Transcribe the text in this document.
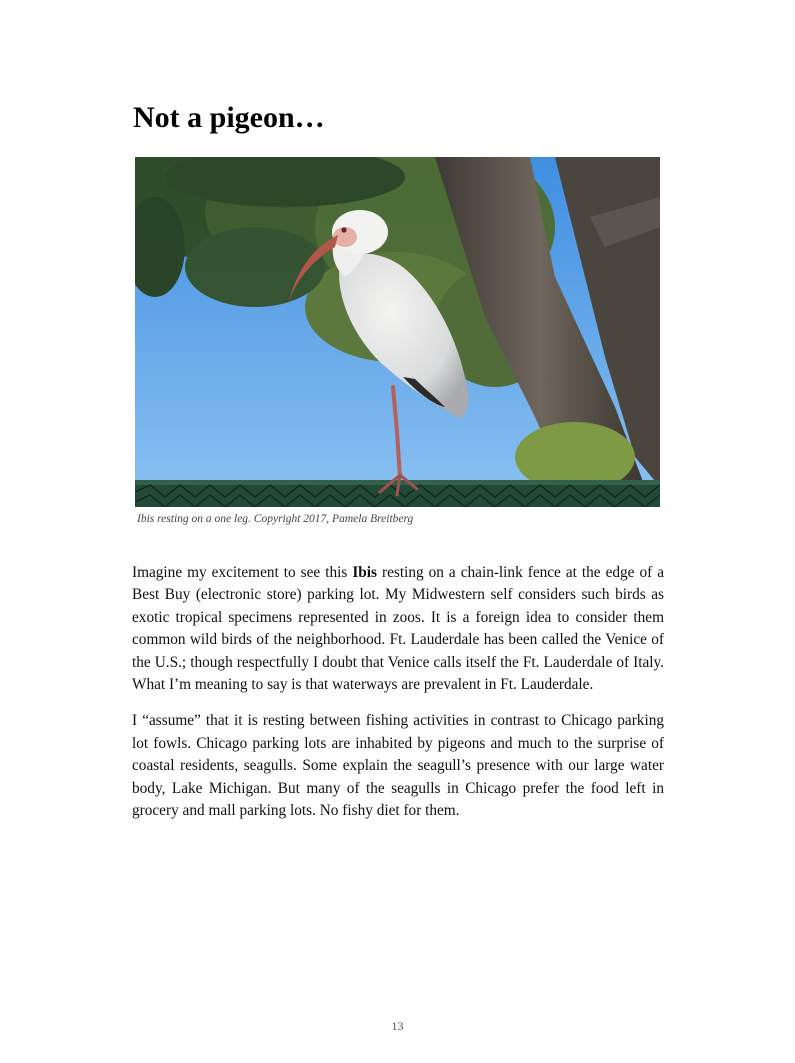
Not a pigeon…
Ibis resting on a one leg. Copyright 2017, Pamela Breitberg

Imagine my excitement to see this Ibis resting on a chain-link fence at the edge of a Best Buy (electronic store) parking lot. My Midwestern self considers such birds as exotic tropical specimens represented in zoos. It is a foreign idea to consider them common wild birds of the neighborhood. Ft. Lauderdale has been called the Venice of the U.S.; though respectfully I doubt that Venice calls itself the Ft. Lauderdale of Italy. What I’m meaning to say is that waterways are prevalent in Ft. Lauderdale.

I “assume” that it is resting between fishing activities in contrast to Chicago parking lot fowls. Chicago parking lots are inhabited by pigeons and much to the surprise of coastal residents, seagulls. Some explain the seagull’s presence with our large water body, Lake Michigan. But many of the seagulls in Chicago prefer the food left in grocery and mall parking lots. No fishy diet for them.

13
